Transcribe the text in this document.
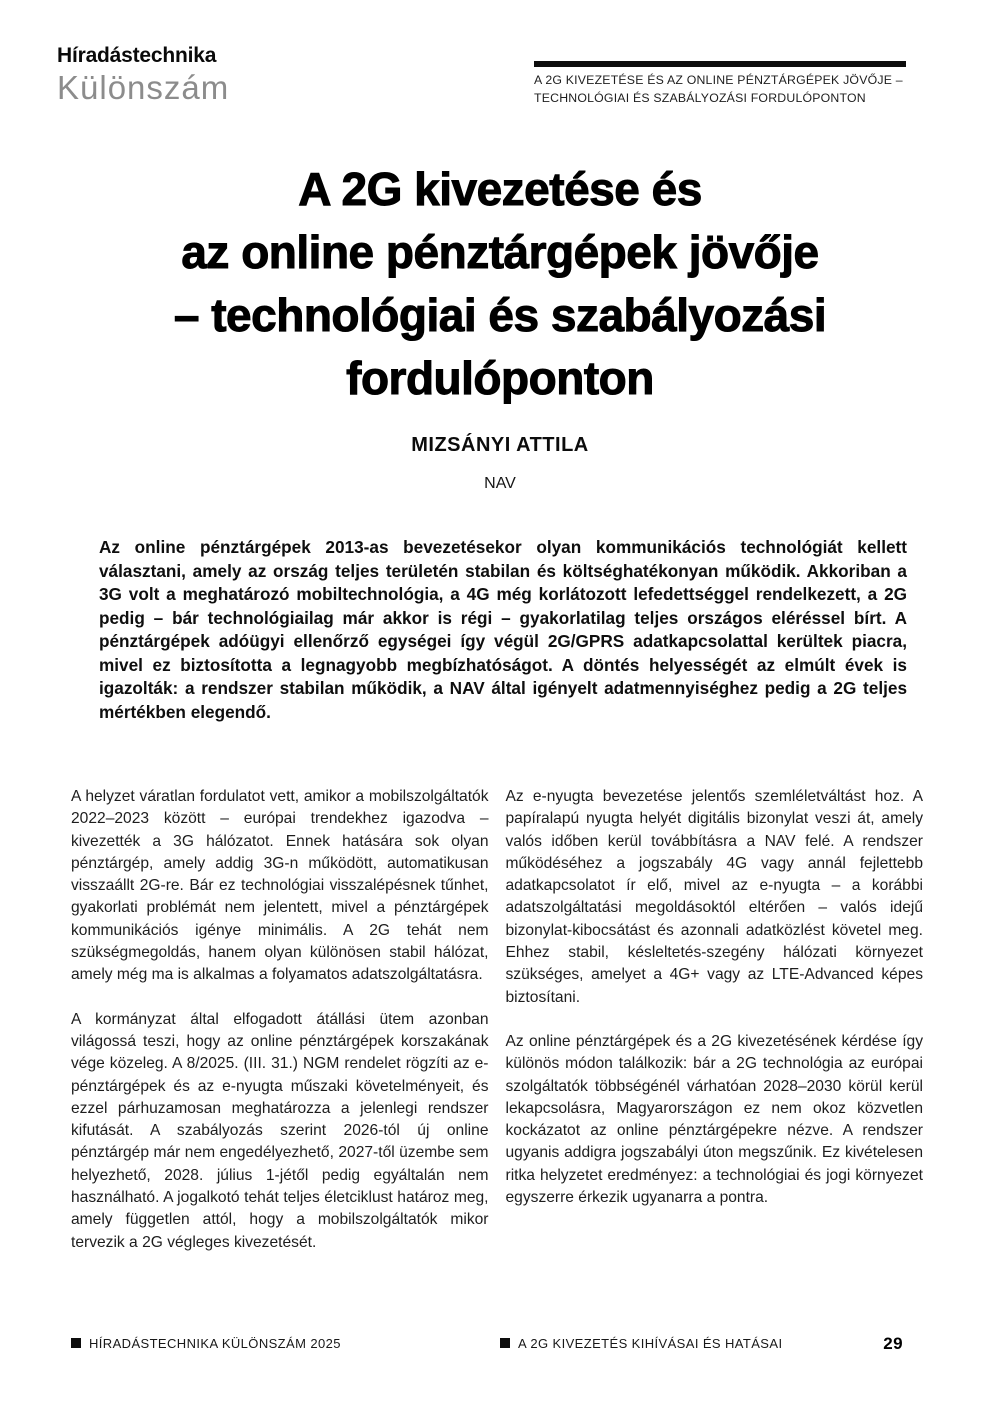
Híradástechnika
Különszám	A 2G KIVEZETÉSE ÉS AZ ONLINE PÉNZTÁRGÉPEK JÖVŐJE –
TECHNOLÓGIAI ÉS SZABÁLYOZÁSI FORDULÓPONTON
A 2G kivezetése és
az online pénztárgépek jövője
– technológiai és szabályozási
fordulóponton
MIZSÁNYI ATTILA
NAV

Az online pénztárgépek 2013-as bevezetésekor olyan kommunikációs technológiát kellett választani, amely az ország teljes területén stabilan és költséghatékonyan működik. Akkoriban a 3G volt a meghatározó mobiltechnológia, a 4G még korlátozott lefedettséggel rendelkezett, a 2G pedig – bár technológiailag már akkor is régi – gyakorlatilag teljes országos eléréssel bírt. A pénztárgépek adóügyi ellenőrző egységei így végül 2G/GPRS adatkapcsolattal kerültek piacra, mivel ez biztosította a legnagyobb megbízhatóságot. A döntés helyességét az elmúlt évek is igazolták: a rendszer stabilan működik, a NAV által igényelt adatmennyiséghez pedig a 2G teljes mértékben elegendő.

A helyzet váratlan fordulatot vett, amikor a mobilszolgáltatók 2022–2023 között – európai trendekhez igazodva – kivezették a 3G hálózatot. Ennek hatására sok olyan pénztárgép, amely addig 3G-n működött, automatikusan visszaállt 2G-re. Bár ez technológiai visszalépésnek tűnhet, gyakorlati problémát nem jelentett, mivel a pénztárgépek kommunikációs igénye minimális. A 2G tehát nem szükségmegoldás, hanem olyan különösen stabil hálózat, amely még ma is alkalmas a folyamatos adatszolgáltatásra.

A kormányzat által elfogadott átállási ütem azonban világossá teszi, hogy az online pénztárgépek korszakának vége közeleg. A 8/2025. (III. 31.) NGM rendelet rögzíti az e-pénztárgépek és az e-nyugta műszaki követelményeit, és ezzel párhuzamosan meghatározza a jelenlegi rendszer kifutását. A szabályozás szerint 2026-tól új online pénztárgép már nem engedélyezhető, 2027-től üzembe sem helyezhető, 2028. július 1-jétől pedig egyáltalán nem használható. A jogalkotó tehát teljes életciklust határoz meg, amely független attól, hogy a mobilszolgáltatók mikor tervezik a 2G végleges kivezetését.

Az e-nyugta bevezetése jelentős szemléletváltást hoz. A papíralapú nyugta helyét digitális bizonylat veszi át, amely valós időben kerül továbbításra a NAV felé. A rendszer működéséhez a jogszabály 4G vagy annál fejlettebb adatkapcsolatot ír elő, mivel az e-nyugta – a korábbi adatszolgáltatási megoldásoktól eltérően – valós idejű bizonylat-kibocsátást és azonnali adatközlést követel meg. Ehhez stabil, késleltetés-szegény hálózati környezet szükséges, amelyet a 4G+ vagy az LTE-Advanced képes biztosítani.

Az online pénztárgépek és a 2G kivezetésének kérdése így különös módon találkozik: bár a 2G technológia az európai szolgáltatók többségénél várhatóan 2028–2030 körül kerül lekapcsolásra, Magyarországon ez nem okoz közvetlen kockázatot az online pénztárgépekre nézve. A rendszer ugyanis addigra jogszabályi úton megszűnik. Ez kivételesen ritka helyzetet eredményez: a technológiai és jogi környezet egyszerre érkezik ugyanarra a pontra.

HÍRADÁSTECHNIKA KÜLÖNSZÁM 2025	A 2G KIVEZETÉS KIHÍVÁSAI ÉS HATÁSAI	29
